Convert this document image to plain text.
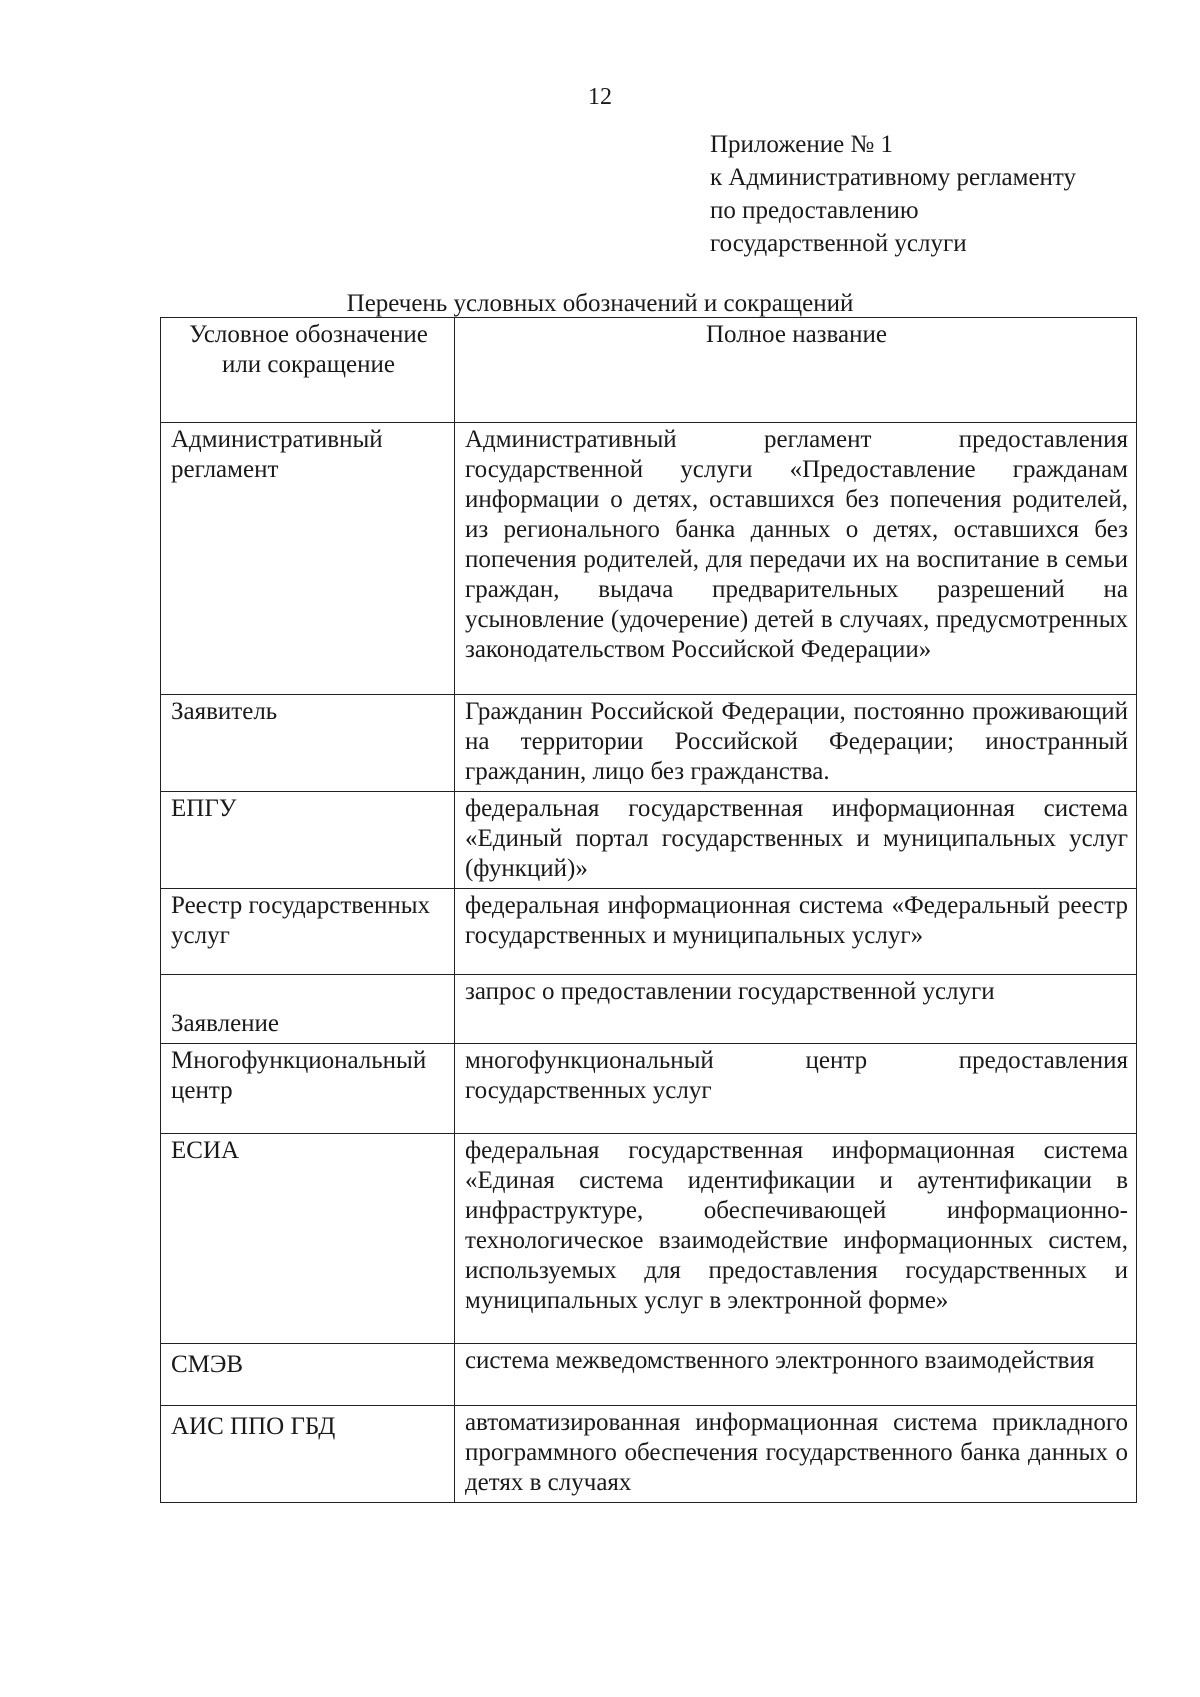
12
Приложение № 1
к Административному регламенту
по предоставлению
государственной услуги
Перечень условных обозначений и сокращений
Условное обозначение или сокращение	Полное название
Административный регламент	Административный регламент предоставления государственной услуги «Предоставление гражданам информации о детях, оставшихся без попечения родителей, из регионального банка данных о детях, оставшихся без попечения родителей, для передачи их на воспитание в семьи граждан, выдача предварительных разрешений на усыновление (удочерение) детей в случаях, предусмотренных законодательством Российской Федерации»
Заявитель	Гражданин Российской Федерации, постоянно проживающий на территории Российской Федерации; иностранный гражданин, лицо без гражданства.
ЕПГУ	федеральная государственная информационная система «Единый портал государственных и муниципальных услуг (функций)»
Реестр государственных услуг	федеральная информационная система «Федеральный реестр государственных и муниципальных услуг»
Заявление	запрос о предоставлении государственной услуги
Многофункциональный центр	многофункциональный центр предоставления государственных услуг
ЕСИА	федеральная государственная информационная система «Единая система идентификации и аутентификации в инфраструктуре, обеспечивающей информационно-технологическое взаимодействие информационных систем, используемых для предоставления государственных и муниципальных услуг в электронной форме»
СМЭВ	система межведомственного электронного взаимодействия
АИС ППО ГБД	автоматизированная информационная система прикладного программного обеспечения государственного банка данных о детях в случаях
